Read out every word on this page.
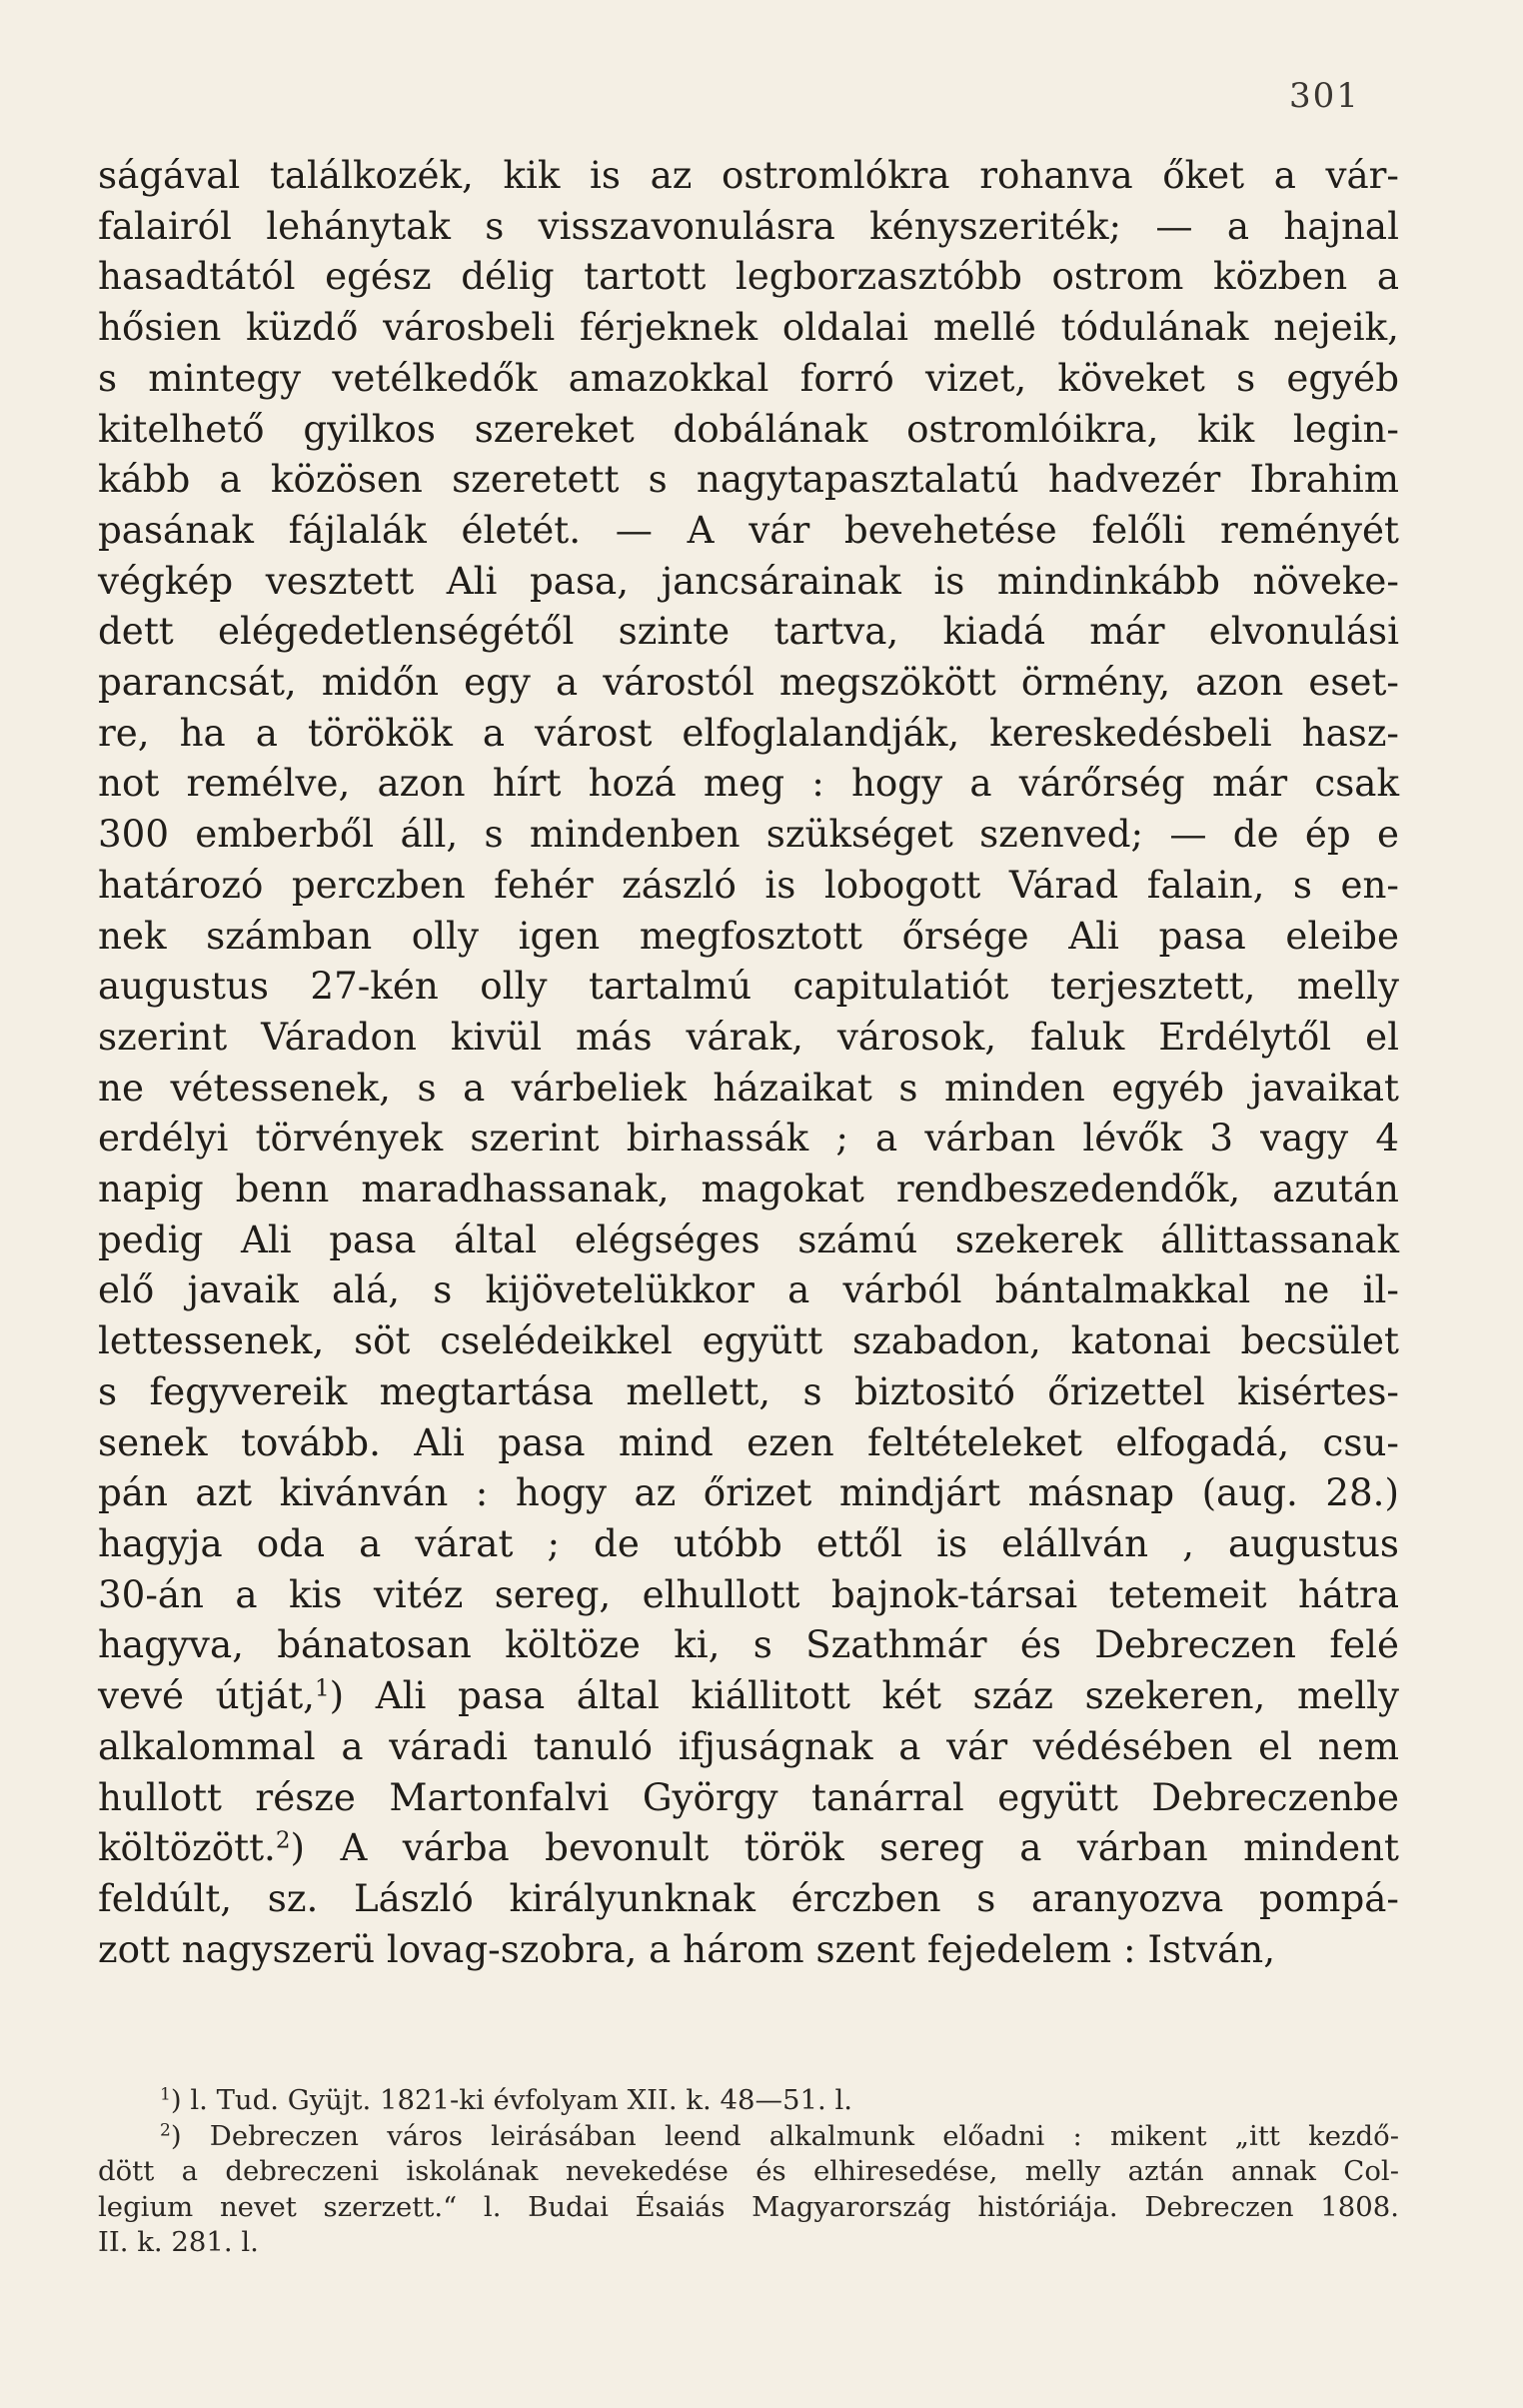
301
ságával találkozék, kik is az ostromlókra rohanva őket a vár-
falairól lehánytak s visszavonulásra kényszeriték; — a hajnal
hasadtától egész délig tartott legborzasztóbb ostrom közben a
hősien küzdő városbeli férjeknek oldalai mellé tódulának nejeik,
s mintegy vetélkedők amazokkal forró vizet, köveket s egyéb
kitelhető gyilkos szereket dobálának ostromlóikra, kik legin-
kább a közösen szeretett s nagytapasztalatú hadvezér Ibrahim
pasának fájlalák életét. — A vár bevehetése felőli reményét
végkép vesztett Ali pasa, jancsárainak is mindinkább növeke-
dett elégedetlenségétől szinte tartva, kiadá már elvonulási
parancsát, midőn egy a várostól megszökött örmény, azon eset-
re, ha a törökök a várost elfoglalandják, kereskedésbeli hasz-
not remélve, azon hírt hozá meg : hogy a várőrség már csak
300 emberből áll, s mindenben szükséget szenved; — de ép e
határozó perczben fehér zászló is lobogott Várad falain, s en-
nek számban olly igen megfosztott őrsége Ali pasa eleibe
augustus 27-kén olly tartalmú capitulatiót terjesztett, melly
szerint Váradon kivül más várak, városok, faluk Erdélytől el
ne vétessenek, s a várbeliek házaikat s minden egyéb javaikat
erdélyi törvények szerint birhassák ; a várban lévők 3 vagy 4
napig benn maradhassanak, magokat rendbeszedendők, azután
pedig Ali pasa által elégséges számú szekerek állittassanak
elő javaik alá, s kijövetelükkor a várból bántalmakkal ne il-
lettessenek, söt cselédeikkel együtt szabadon, katonai becsület
s fegyvereik megtartása mellett, s biztositó őrizettel kisértes-
senek tovább. Ali pasa mind ezen feltételeket elfogadá, csu-
pán azt kivánván : hogy az őrizet mindjárt másnap (aug. 28.)
hagyja oda a várat ; de utóbb ettől is elállván , augustus
30-án a kis vitéz sereg, elhullott bajnok-társai tetemeit hátra
hagyva, bánatosan költöze ki, s Szathmár és Debreczen felé
vevé útját,$^1$) Ali pasa által kiállitott két száz szekeren, melly
alkalommal a váradi tanuló ifjuságnak a vár védésében el nem
hullott része Martonfalvi György tanárral együtt Debreczenbe
költözött.$^2$) A várba bevonult török sereg a várban mindent
feldúlt, sz. László királyunknak érczben s aranyozva pompá-
zott nagyszerü lovag-szobra, a három szent fejedelem : István,
$^1$) l. Tud. Gyüjt. 1821-ki évfolyam XII. k. 48—51. l.
$^2$) Debreczen város leirásában leend alkalmunk előadni : mikent „itt kezdő-
dött a debreczeni iskolának nevekedése és elhiresedése, melly aztán annak Col-
legium nevet szerzett.“ l. Budai Ésaiás Magyarország históriája. Debreczen 1808.
II. k. 281. l.
